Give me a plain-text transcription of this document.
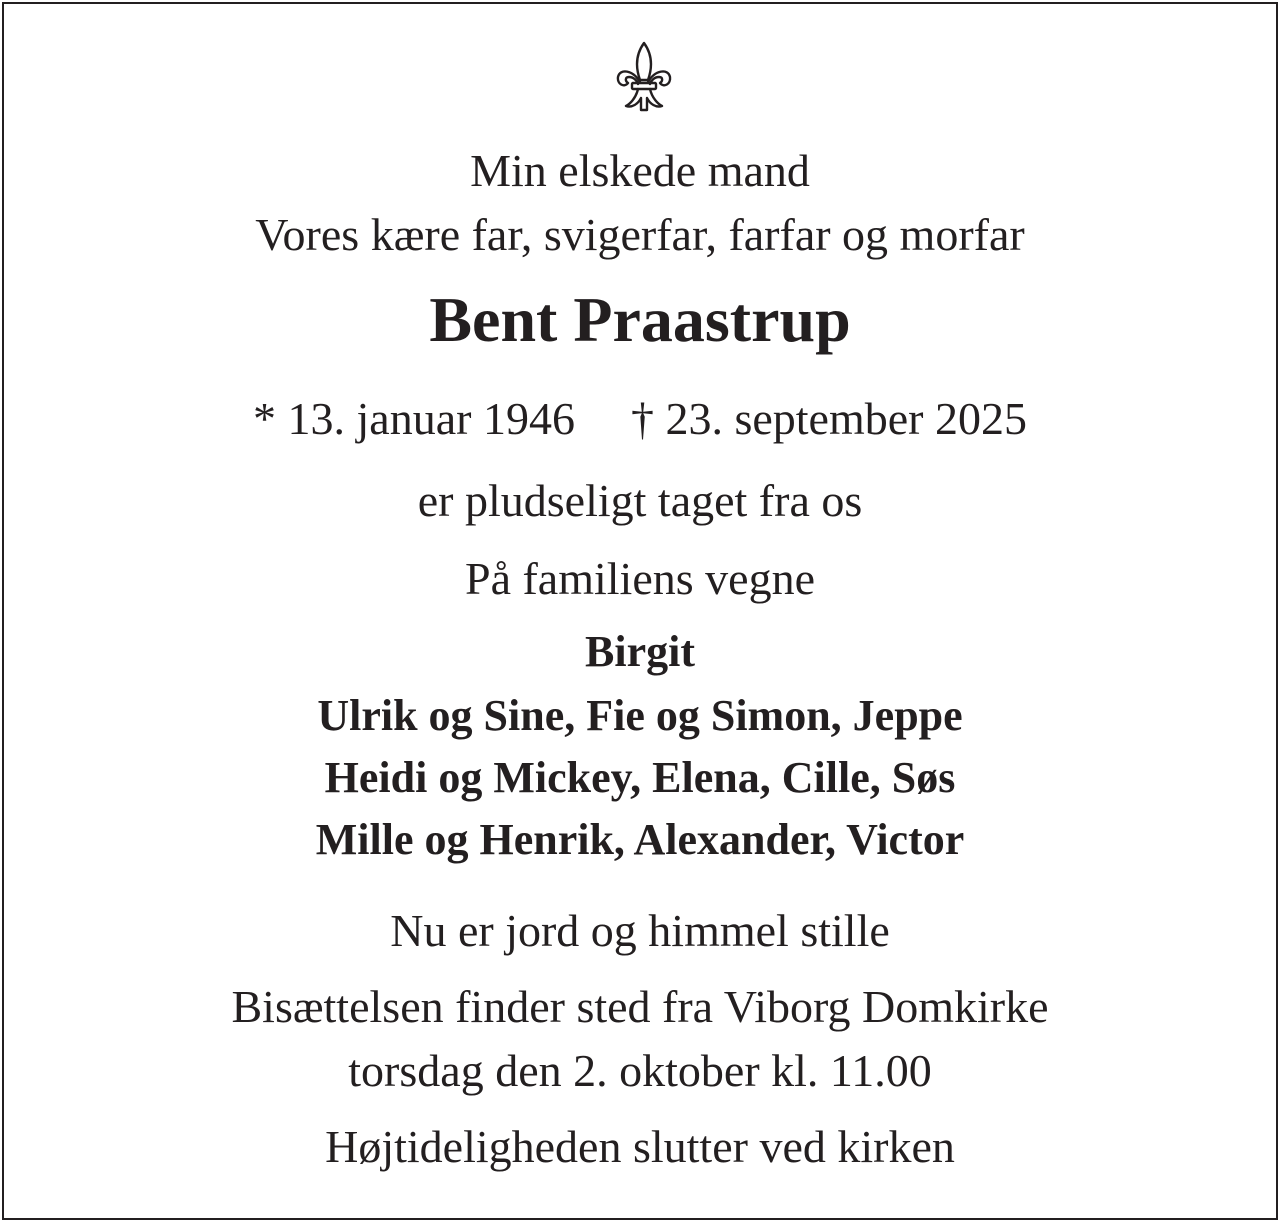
Min elskede mand
Vores kære far, svigerfar, farfar og morfar
Bent Praastrup
* 13. januar 1946 † 23. september 2025
er pludseligt taget fra os
På familiens vegne
Birgit
Ulrik og Sine, Fie og Simon, Jeppe
Heidi og Mickey, Elena, Cille, Søs
Mille og Henrik, Alexander, Victor
Nu er jord og himmel stille
Bisættelsen finder sted fra Viborg Domkirke
torsdag den 2. oktober kl. 11.00
Højtideligheden slutter ved kirken
